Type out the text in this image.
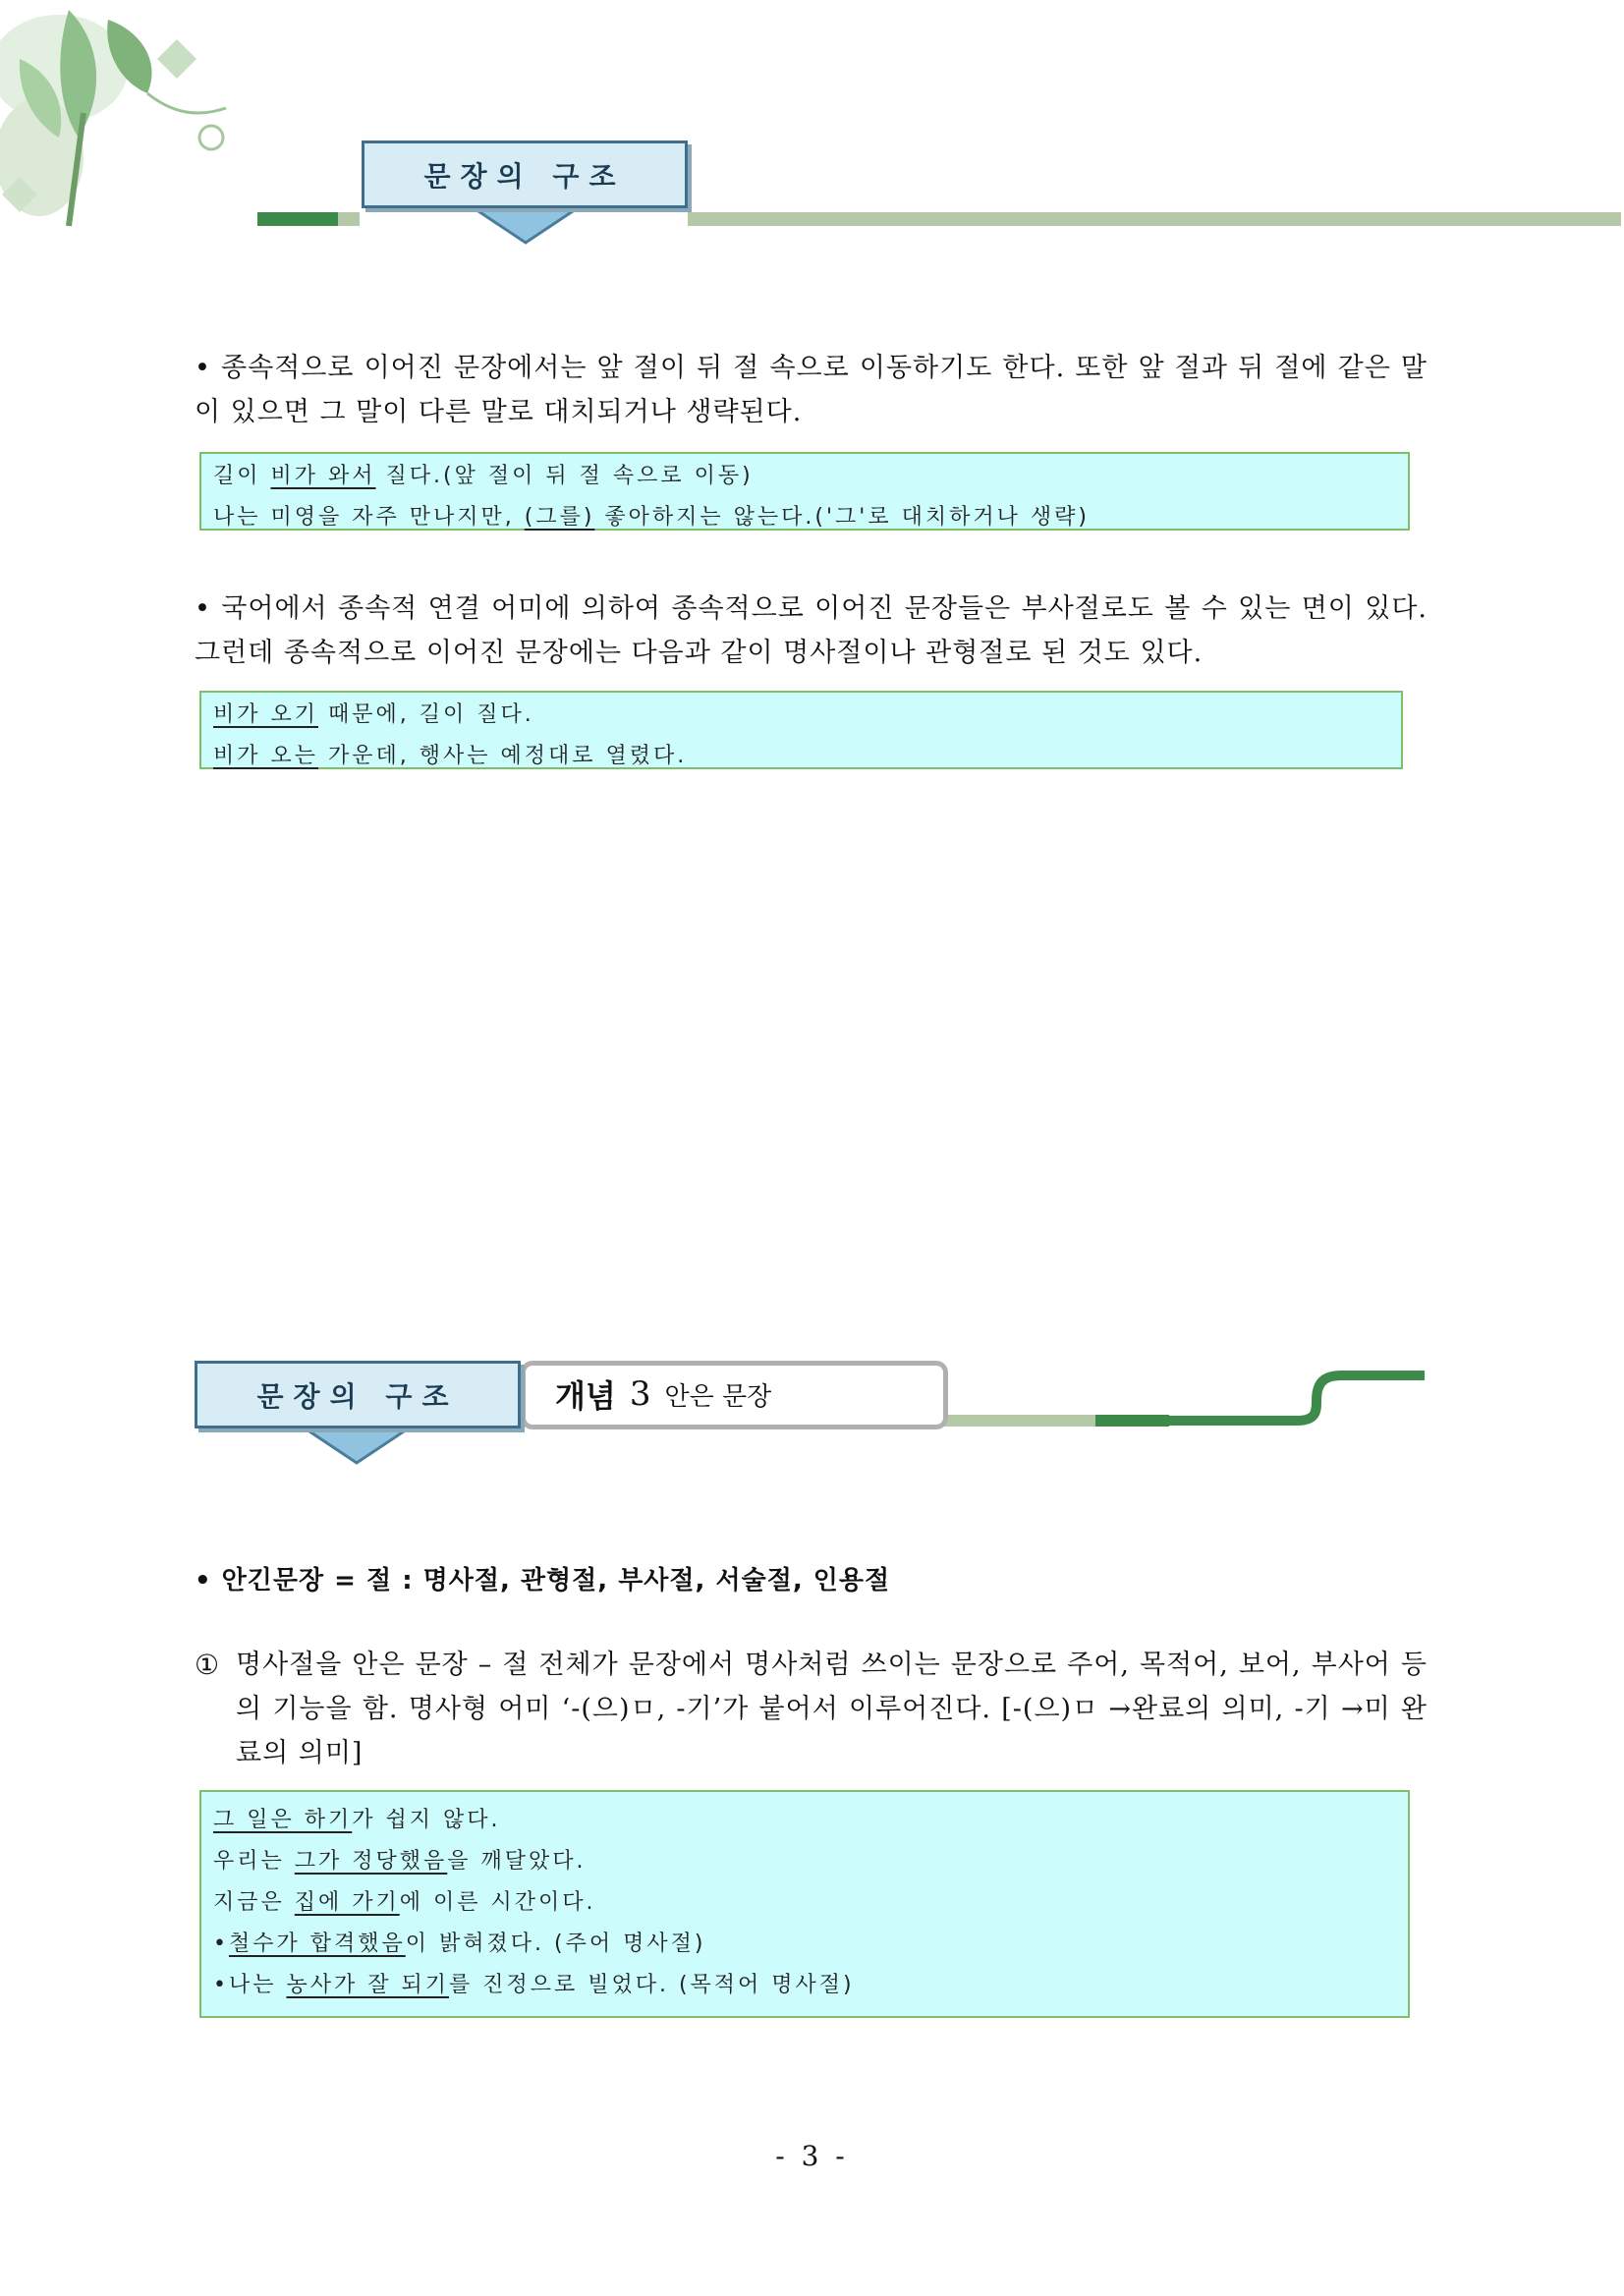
문장의 구조

• 종속적으로 이어진 문장에서는 앞 절이 뒤 절 속으로 이동하기도 한다. 또한 앞 절과 뒤 절에 같은 말이 있으면 그 말이 다른 말로 대치되거나 생략된다.

길이 비가 와서 질다.(앞 절이 뒤 절 속으로 이동)
나는 미영을 자주 만나지만, (그를) 좋아하지는 않는다.('그'로 대치하거나 생략)

• 국어에서 종속적 연결 어미에 의하여 종속적으로 이어진 문장들은 부사절로도 볼 수 있는 면이 있다. 그런데 종속적으로 이어진 문장에는 다음과 같이 명사절이나 관형절로 된 것도 있다.

비가 오기 때문에, 길이 질다.
비가 오는 가운데, 행사는 예정대로 열렸다.
개념 3 안은 문장
문장의 구조
• 안긴문장 = 절 : 명사절, 관형절, 부사절, 서술절, 인용절
① 명사절을 안은 문장 – 절 전체가 문장에서 명사처럼 쓰이는 문장으로 주어, 목적어, 보어, 부사어 등의 기능을 함. 명사형 어미 ‘-(으)ㅁ, -기’가 붙어서 이루어진다. [-(으)ㅁ →완료의 의미, -기 →미 완료의 의미]

그 일은 하기가 쉽지 않다.
우리는 그가 정당했음을 깨달았다.
지금은 집에 가기에 이른 시간이다.
•철수가 합격했음이 밝혀졌다. (주어 명사절)
•나는 농사가 잘 되기를 진정으로 빌었다. (목적어 명사절)
- 3 -
